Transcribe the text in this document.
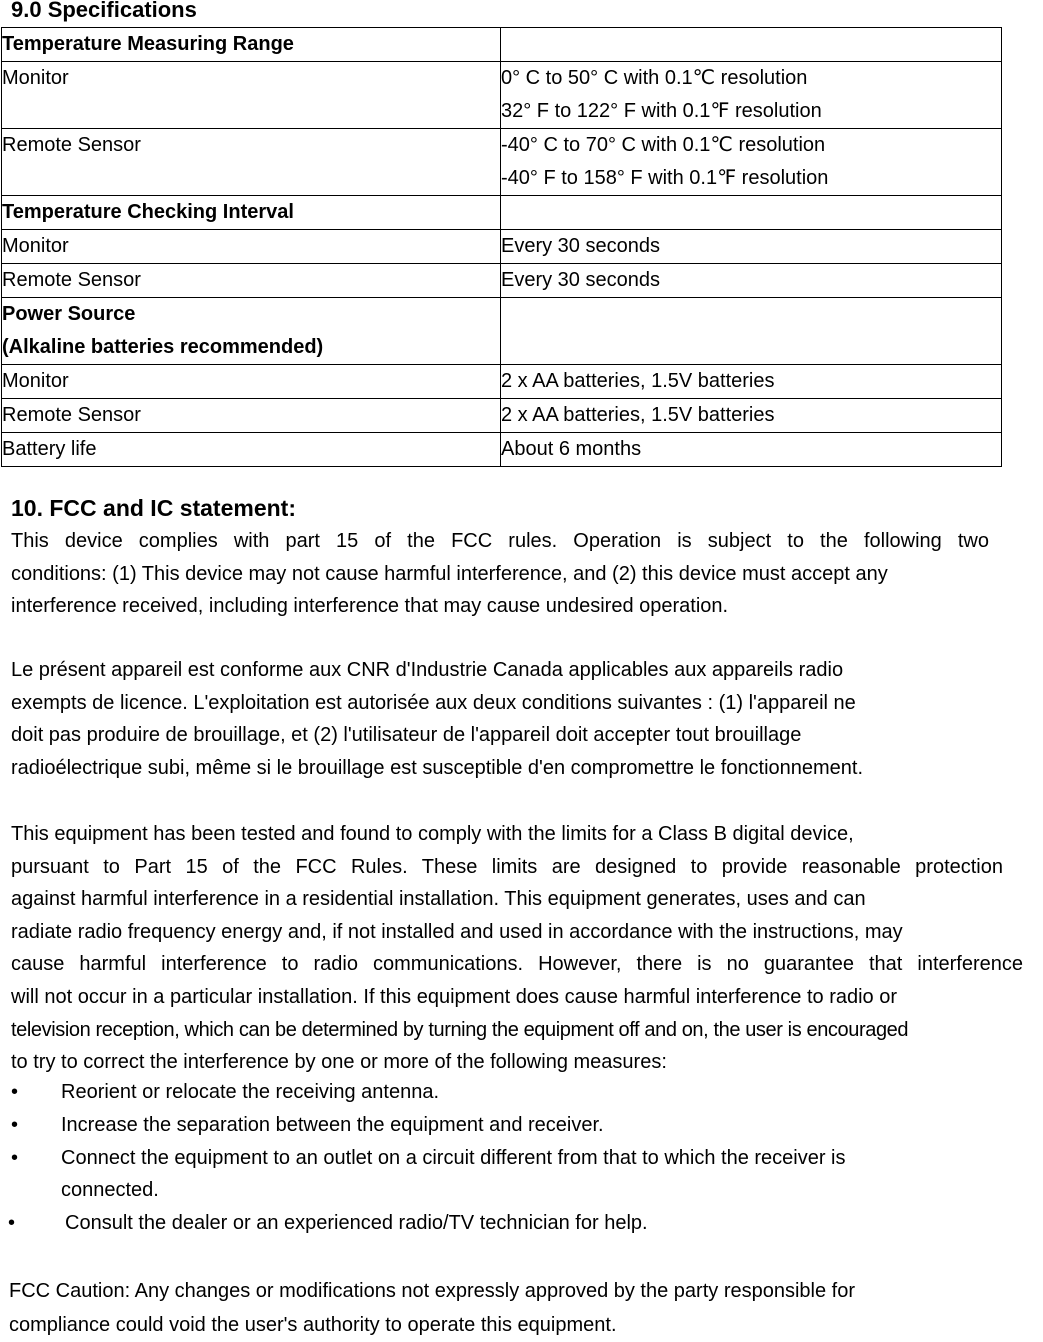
9.0 Specifications
Temperature Measuring Range	
Monitor	0° C to 50° C with 0.1℃ resolution
32° F to 122° F with 0.1℉ resolution

Remote Sensor	-40° C to 70° C with 0.1℃ resolution
-40° F to 158° F with 0.1℉ resolution

Temperature Checking Interval	
Monitor	Every 30 seconds
Remote Sensor	Every 30 seconds

Power Source
(Alkaline batteries recommended)	

Monitor	2 x AA batteries, 1.5V batteries
Remote Sensor	2 x AA batteries, 1.5V batteries
Battery life	About 6 months
10. FCC and IC statement:
This device complies with part 15 of the FCC rules. Operation is subject to the following two
conditions: (1) This device may not cause harmful interference, and (2) this device must accept any
interference received, including interference that may cause undesired operation.
Le présent appareil est conforme aux CNR d'Industrie Canada applicables aux appareils radio
exempts de licence. L'exploitation est autorisée aux deux conditions suivantes : (1) l'appareil ne
doit pas produire de brouillage, et (2) l'utilisateur de l'appareil doit accepter tout brouillage
radioélectrique subi, même si le brouillage est susceptible d'en compromettre le fonctionnement.
This equipment has been tested and found to comply with the limits for a Class B digital device,
pursuant to Part 15 of the FCC Rules. These limits are designed to provide reasonable protection
against harmful interference in a residential installation. This equipment generates, uses and can
radiate radio frequency energy and, if not installed and used in accordance with the instructions, may
cause harmful interference to radio communications. However, there is no guarantee that interference
will not occur in a particular installation. If this equipment does cause harmful interference to radio or
television reception, which can be determined by turning the equipment off and on, the user is encouraged
to try to correct the interference by one or more of the following measures:
• Reorient or relocate the receiving antenna.
• Increase the separation between the equipment and receiver.
• Connect the equipment to an outlet on a circuit different from that to which the receiver is
connected.
• Consult the dealer or an experienced radio/TV technician for help.
FCC Caution: Any changes or modifications not expressly approved by the party responsible for
compliance could void the user's authority to operate this equipment.
